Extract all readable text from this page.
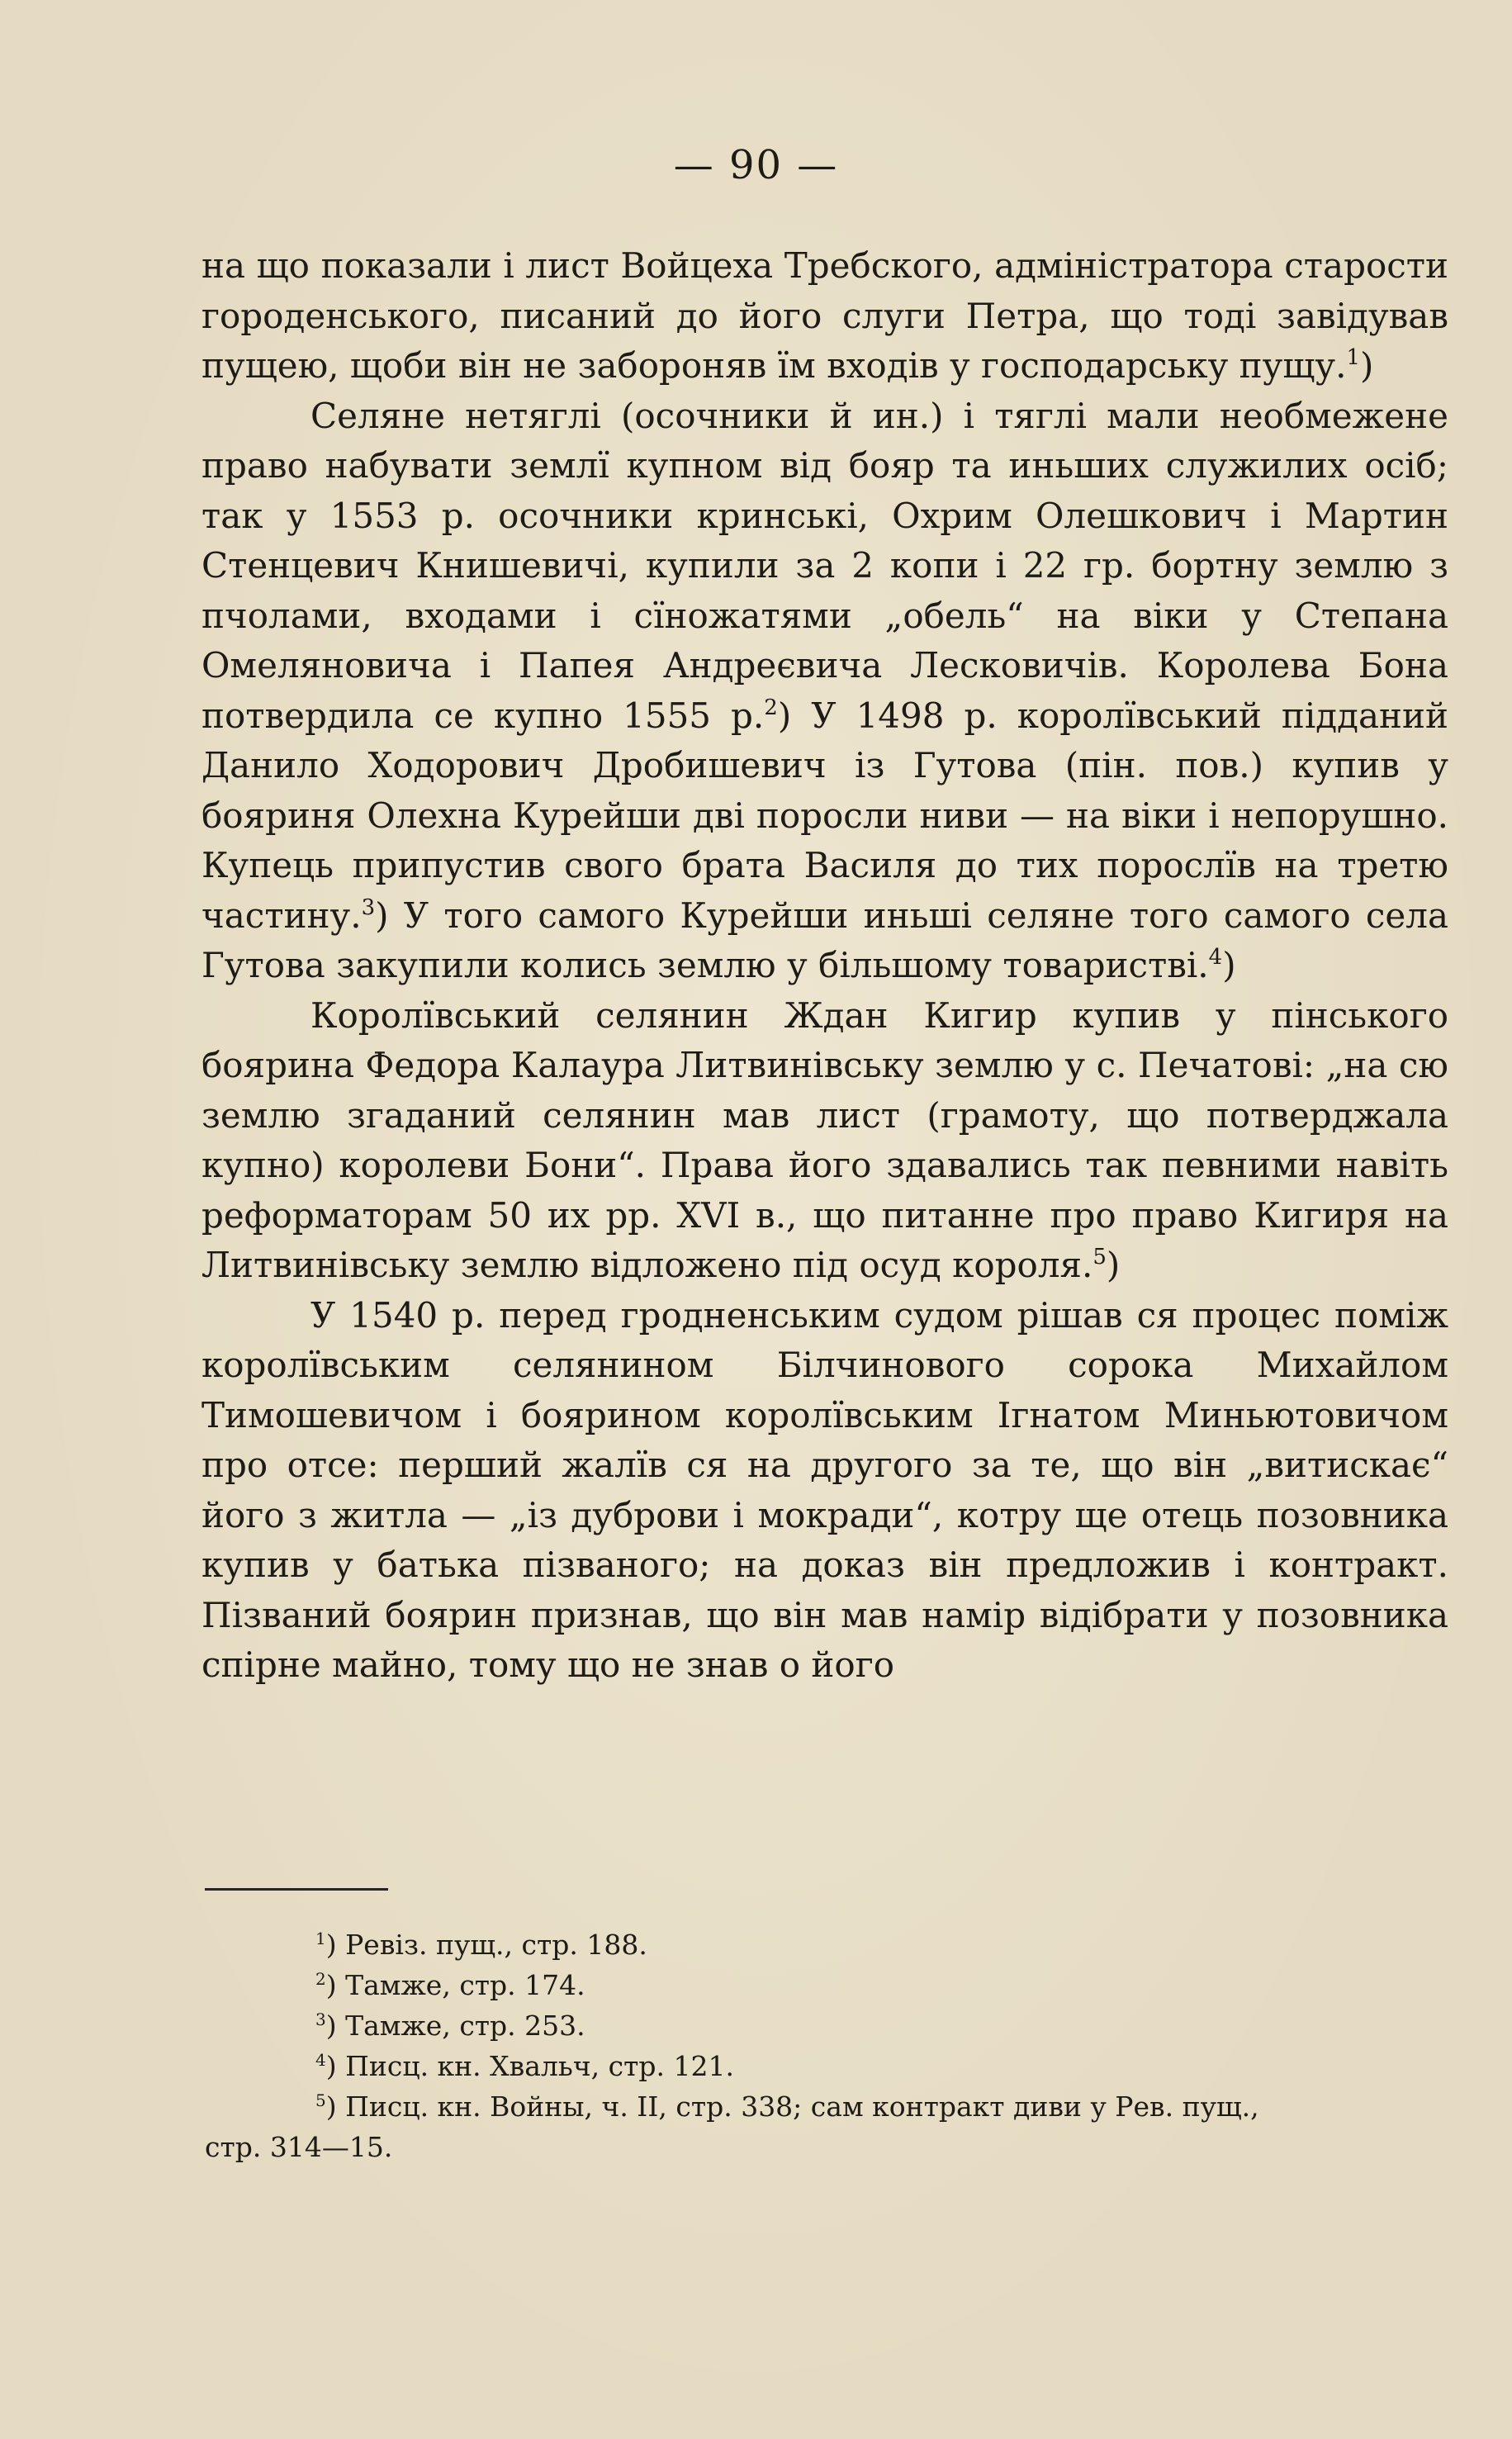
— 90 —

на що показали і лист Войцеха Требского, адміністратора старости городенського, писаний до його слуги Петра, що тоді завідував пущею, щоби він не забороняв їм входів у господарську пущу.$^1$)

Селяне нетяглі (осочники й ин.) і тяглі мали необмежене право набувати землї купном від бояр та иньших служилих осіб; так у 1553 р. осочники кринські, Охрим Олешкович і Мартин Стенцевич Книшевичі, купили за 2 копи і 22 гр. бортну землю з пчолами, входами і сїножатями „обель“ на віки у Степана Омеляновича і Папея Андреєвича Лесковичів. Королева Бона потвердила се купно 1555 р.$^2$) У 1498 р. королївський підданий Данило Ходорович Дробишевич із Гутова (пін. пов.) купив у бояриня Олехна Курейши дві поросли ниви — на віки і непорушно. Купець припустив свого брата Василя до тих порослїв на третю частину.$^3$) У того самого Курейши иньші селяне того самого села Гутова закупили колись землю у більшому товаристві.$^4$)

Королївський селянин Ждан Кигир купив у пінського боярина Федора Калаура Литвинівську землю у с. Печатові: „на сю землю згаданий селянин мав лист (грамоту, що потверджала купно) королеви Бони“. Права його здавались так певними навіть реформаторам 50 их рр. XVI в., що питанне про право Кигиря на Литвинівську землю відложено під осуд короля.$^5$)

У 1540 р. перед гродненським судом рішав ся процес поміж королївським селянином Білчинового сорока Михайлом Тимошевичом і боярином королївським Ігнатом Миньютовичом про отсе: перший жалїв ся на другого за те, що він „витискає“ його з житла — „із дуброви і мокради“, котру ще отець позовника купив у батька пізваного; на доказ він предложив і контракт. Пізваний боярин признав, що він мав намір відібрати у позовника спірне майно, тому що не знав о його

$^1$) Ревіз. пущ., стр. 188.

$^2$) Тамже, стр. 174.

$^3$) Тамже, стр. 253.

$^4$) Писц. кн. Хвальч, стр. 121.

$^5$) Писц. кн. Войны, ч. II, стр. 338; сам контракт диви у Рев. пущ.,

стр. 314—15.
